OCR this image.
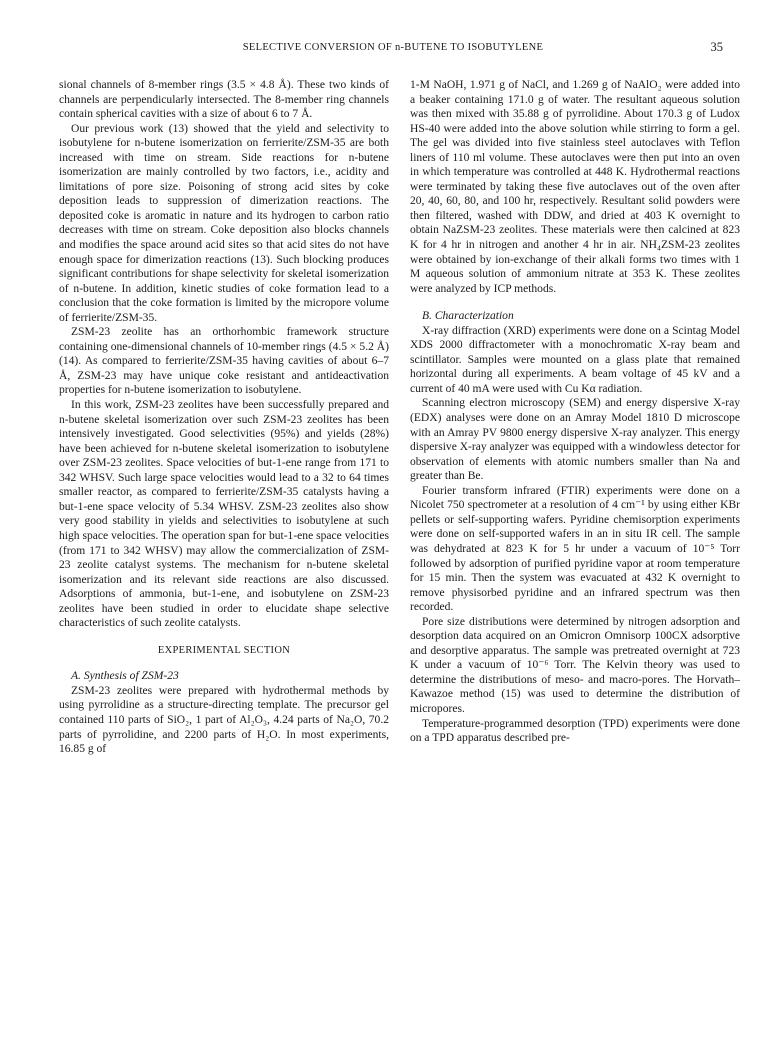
SELECTIVE CONVERSION OF n-BUTENE TO ISOBUTYLENE	35

sional channels of 8-member rings (3.5 × 4.8 Å). These two kinds of channels are perpendicularly intersected. The 8-member ring channels contain spherical cavities with a size of about 6 to 7 Å.

Our previous work (13) showed that the yield and selectivity to isobutylene for n-butene isomerization on ferrierite/ZSM-35 are both increased with time on stream. Side reactions for n-butene isomerization are mainly controlled by two factors, i.e., acidity and limitations of pore size. Poisoning of strong acid sites by coke deposition leads to suppression of dimerization reactions. The deposited coke is aromatic in nature and its hydrogen to carbon ratio decreases with time on stream. Coke deposition also blocks channels and modifies the space around acid sites so that acid sites do not have enough space for dimerization reactions (13). Such blocking produces significant contributions for shape selectivity for skeletal isomerization of n-butene. In addition, kinetic studies of coke formation lead to a conclusion that the coke formation is limited by the micropore volume of ferrierite/ZSM-35.

ZSM-23 zeolite has an orthorhombic framework structure containing one-dimensional channels of 10-member rings (4.5 × 5.2 Å) (14). As compared to ferrierite/ZSM-35 having cavities of about 6–7 Å, ZSM-23 may have unique coke resistant and antideactivation properties for n-butene isomerization to isobutylene.

In this work, ZSM-23 zeolites have been successfully prepared and n-butene skeletal isomerization over such ZSM-23 zeolites has been intensively investigated. Good selectivities (95%) and yields (28%) have been achieved for n-butene skeletal isomerization to isobutylene over ZSM-23 zeolites. Space velocities of but-1-ene range from 171 to 342 WHSV. Such large space velocities would lead to a 32 to 64 times smaller reactor, as compared to ferrierite/ZSM-35 catalysts having a but-1-ene space velocity of 5.34 WHSV. ZSM-23 zeolites also show very good stability in yields and selectivities to isobutylene at such high space velocities. The operation span for but-1-ene space velocities (from 171 to 342 WHSV) may allow the commercialization of ZSM-23 zeolite catalyst systems. The mechanism for n-butene skeletal isomerization and its relevant side reactions are also discussed. Adsorptions of ammonia, but-1-ene, and isobutylene on ZSM-23 zeolites have been studied in order to elucidate shape selective characteristics of such zeolite catalysts.

EXPERIMENTAL SECTION

A. Synthesis of ZSM-23

ZSM-23 zeolites were prepared with hydrothermal methods by using pyrrolidine as a structure-directing template. The precursor gel contained 110 parts of SiO₂, 1 part of Al₂O₃, 4.24 parts of Na₂O, 70.2 parts of pyrrolidine, and 2200 parts of H₂O. In most experiments, 16.85 g of

1-M NaOH, 1.971 g of NaCl, and 1.269 g of NaAlO₂ were added into a beaker containing 171.0 g of water. The resultant aqueous solution was then mixed with 35.88 g of pyrrolidine. About 170.3 g of Ludox HS-40 were added into the above solution while stirring to form a gel. The gel was divided into five stainless steel autoclaves with Teflon liners of 110 ml volume. These autoclaves were then put into an oven in which temperature was controlled at 448 K. Hydrothermal reactions were terminated by taking these five autoclaves out of the oven after 20, 40, 60, 80, and 100 hr, respectively. Resultant solid powders were then filtered, washed with DDW, and dried at 403 K overnight to obtain NaZSM-23 zeolites. These materials were then calcined at 823 K for 4 hr in nitrogen and another 4 hr in air. NH₄ZSM-23 zeolites were obtained by ion-exchange of their alkali forms two times with 1 M aqueous solution of ammonium nitrate at 353 K. These zeolites were analyzed by ICP methods.

B. Characterization

X-ray diffraction (XRD) experiments were done on a Scintag Model XDS 2000 diffractometer with a monochromatic X-ray beam and scintillator. Samples were mounted on a glass plate that remained horizontal during all experiments. A beam voltage of 45 kV and a current of 40 mA were used with Cu Kα radiation.

Scanning electron microscopy (SEM) and energy dispersive X-ray (EDX) analyses were done on an Amray Model 1810 D microscope with an Amray PV 9800 energy dispersive X-ray analyzer. This energy dispersive X-ray analyzer was equipped with a windowless detector for observation of elements with atomic numbers smaller than Na and greater than Be.

Fourier transform infrared (FTIR) experiments were done on a Nicolet 750 spectrometer at a resolution of 4 cm⁻¹ by using either KBr pellets or self-supporting wafers. Pyridine chemisorption experiments were done on self-supported wafers in an in situ IR cell. The sample was dehydrated at 823 K for 5 hr under a vacuum of 10⁻⁵ Torr followed by adsorption of purified pyridine vapor at room temperature for 15 min. Then the system was evacuated at 432 K overnight to remove physisorbed pyridine and an infrared spectrum was then recorded.

Pore size distributions were determined by nitrogen adsorption and desorption data acquired on an Omicron Omnisorp 100CX adsorptive and desorptive apparatus. The sample was pretreated overnight at 723 K under a vacuum of 10⁻⁶ Torr. The Kelvin theory was used to determine the distributions of meso- and macro-pores. The Horvath–Kawazoe method (15) was used to determine the distribution of micropores.

Temperature-programmed desorption (TPD) experiments were done on a TPD apparatus described pre-
